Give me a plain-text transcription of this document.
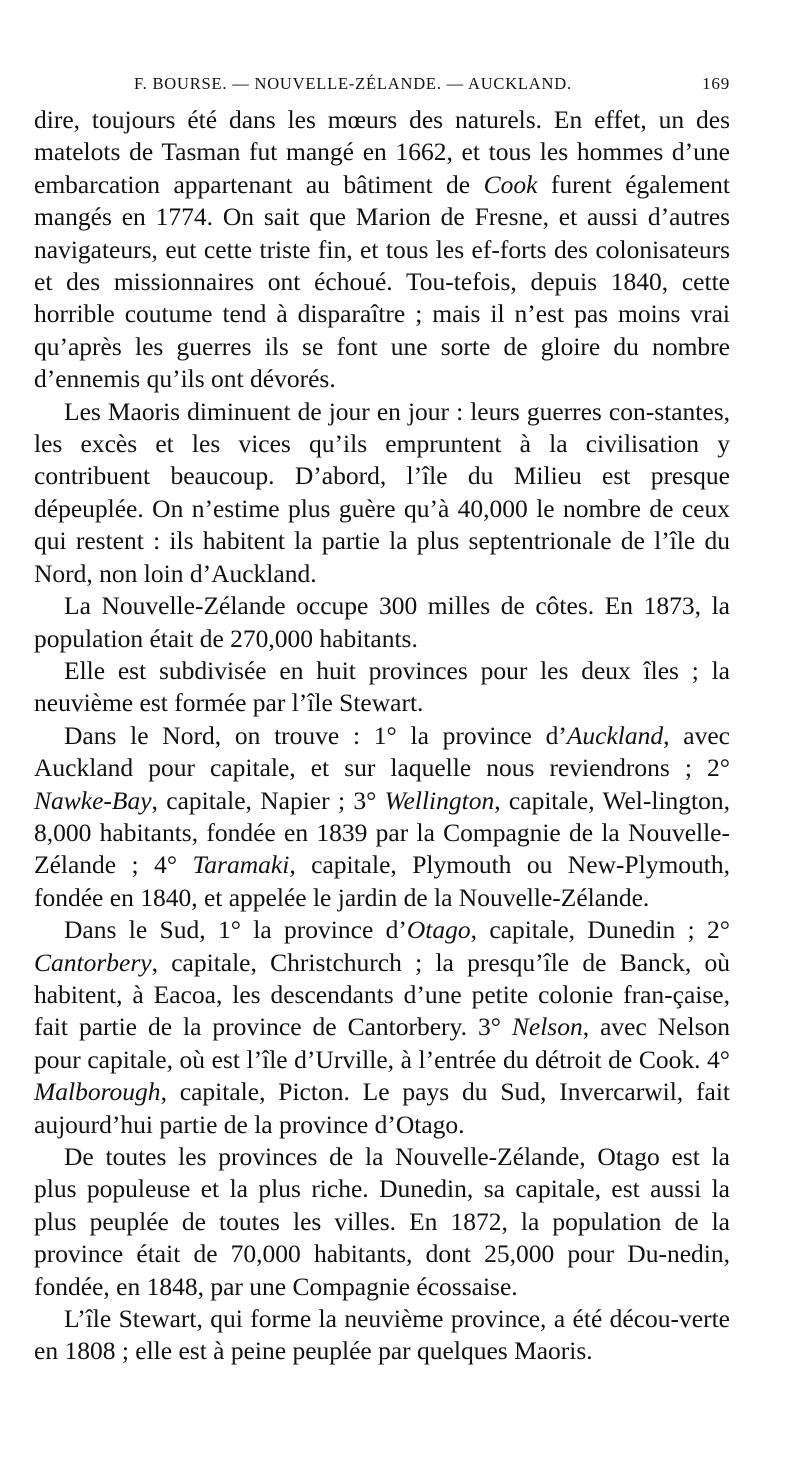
F. BOURSE. — NOUVELLE-ZÉLANDE. — AUCKLAND.	169

dire, toujours été dans les mœurs des naturels. En effet, un des matelots de Tasman fut mangé en 1662, et tous les hommes d’une embarcation appartenant au bâtiment de Cook furent également mangés en 1774. On sait que Marion de Fresne, et aussi d’autres navigateurs, eut cette triste fin, et tous les ef-forts des colonisateurs et des missionnaires ont échoué. Tou-tefois, depuis 1840, cette horrible coutume tend à disparaître ; mais il n’est pas moins vrai qu’après les guerres ils se font une sorte de gloire du nombre d’ennemis qu’ils ont dévorés.

Les Maoris diminuent de jour en jour : leurs guerres con-stantes, les excès et les vices qu’ils empruntent à la civilisation y contribuent beaucoup. D’abord, l’île du Milieu est presque dépeuplée. On n’estime plus guère qu’à 40,000 le nombre de ceux qui restent : ils habitent la partie la plus septentrionale de l’île du Nord, non loin d’Auckland.

La Nouvelle-Zélande occupe 300 milles de côtes. En 1873, la population était de 270,000 habitants.

Elle est subdivisée en huit provinces pour les deux îles ; la neuvième est formée par l’île Stewart.

Dans le Nord, on trouve : 1° la province d’Auckland, avec Auckland pour capitale, et sur laquelle nous reviendrons ; 2° Nawke-Bay, capitale, Napier ; 3° Wellington, capitale, Wel-lington, 8,000 habitants, fondée en 1839 par la Compagnie de la Nouvelle-Zélande ; 4° Taramaki, capitale, Plymouth ou New-Plymouth, fondée en 1840, et appelée le jardin de la Nouvelle-Zélande.

Dans le Sud, 1° la province d’Otago, capitale, Dunedin ; 2° Cantorbery, capitale, Christchurch ; la presqu’île de Banck, où habitent, à Eacoa, les descendants d’une petite colonie fran-çaise, fait partie de la province de Cantorbery. 3° Nelson, avec Nelson pour capitale, où est l’île d’Urville, à l’entrée du détroit de Cook. 4° Malborough, capitale, Picton. Le pays du Sud, Invercarwil, fait aujourd’hui partie de la province d’Otago.

De toutes les provinces de la Nouvelle-Zélande, Otago est la plus populeuse et la plus riche. Dunedin, sa capitale, est aussi la plus peuplée de toutes les villes. En 1872, la population de la province était de 70,000 habitants, dont 25,000 pour Du-nedin, fondée, en 1848, par une Compagnie écossaise.

L’île Stewart, qui forme la neuvième province, a été décou-verte en 1808 ; elle est à peine peuplée par quelques Maoris.
